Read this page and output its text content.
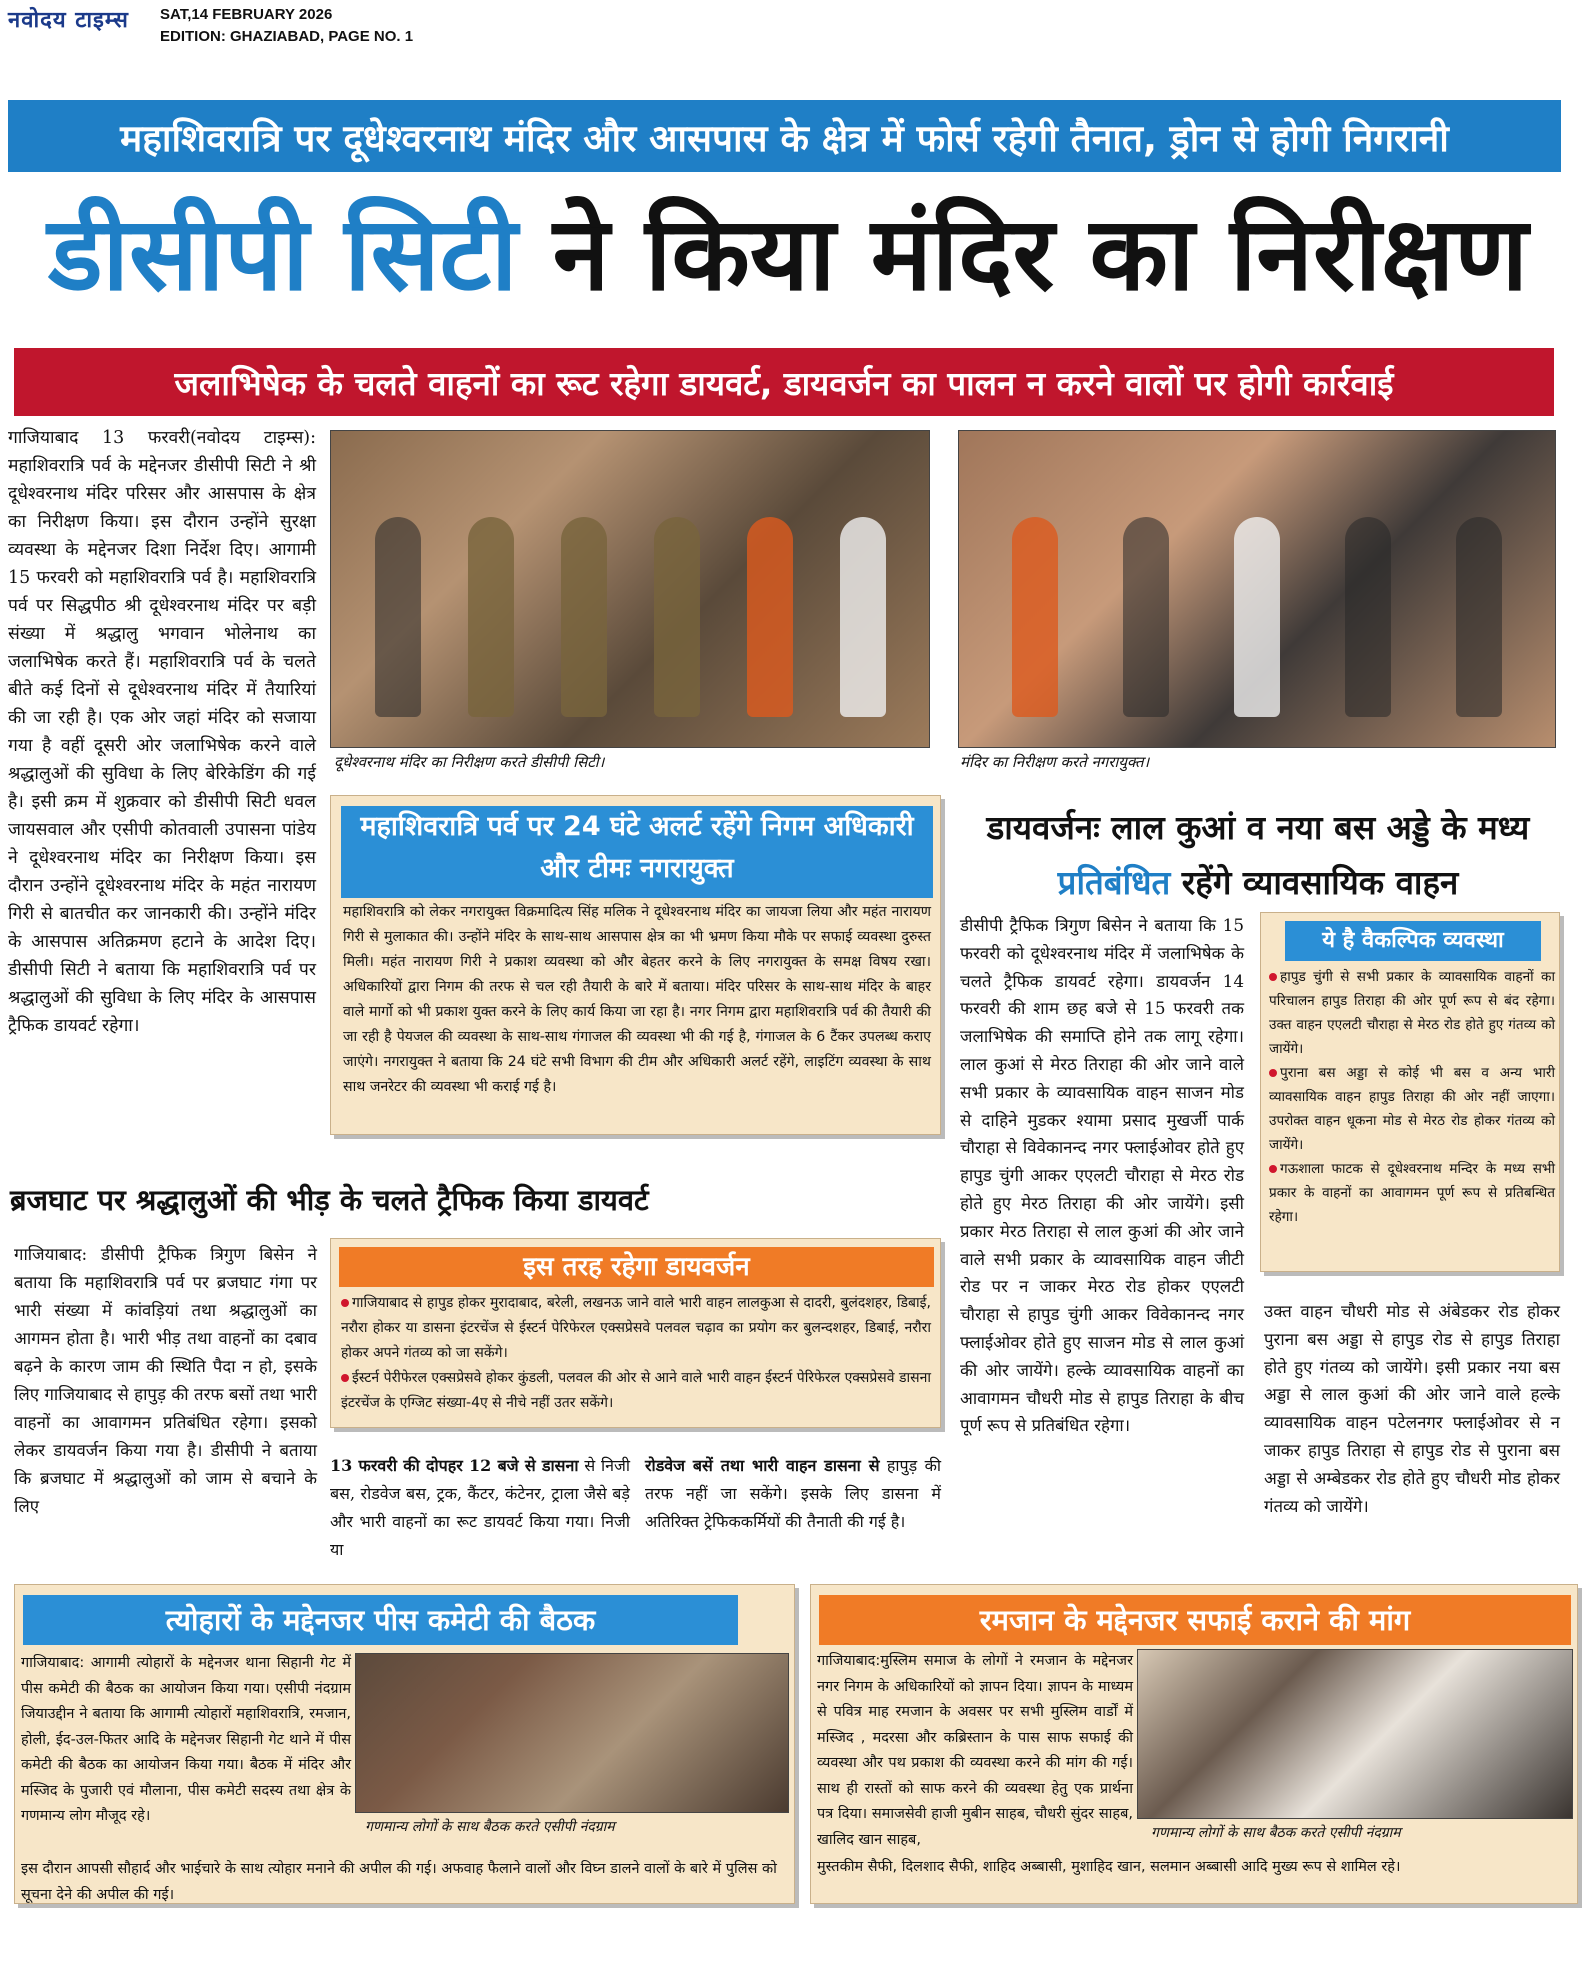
नवोदय टाइम्स SAT,14 FEBRUARY 2026
EDITION: GHAZIABAD, PAGE NO. 1
महाशिवरात्रि पर दूधेश्वरनाथ मंदिर और आसपास के क्षेत्र में फोर्स रहेगी तैनात, ड्रोन से होगी निगरानी
डीसीपी सिटी ने किया मंदिर का निरीक्षण
जलाभिषेक के चलते वाहनों का रूट रहेगा डायवर्ट, डायवर्जन का पालन न करने वालों पर होगी कार्रवाई
गाजियाबाद 13 फरवरी(नवोदय टाइम्स): महाशिवरात्रि पर्व के मद्देनजर डीसीपी सिटी ने श्री दूधेश्वरनाथ मंदिर परिसर और आसपास के क्षेत्र का निरीक्षण किया। इस दौरान उन्होंने सुरक्षा व्यवस्था के मद्देनजर दिशा निर्देश दिए। आगामी 15 फरवरी को महाशिवरात्रि पर्व है। महाशिवरात्रि पर्व पर सिद्धपीठ श्री दूधेश्वरनाथ मंदिर पर बड़ी संख्या में श्रद्धालु भगवान भोलेनाथ का जलाभिषेक करते हैं। महाशिवरात्रि पर्व के चलते बीते कई दिनों से दूधेश्वरनाथ मंदिर में तैयारियां की जा रही है। एक ओर जहां मंदिर को सजाया गया है वहीं दूसरी ओर जलाभिषेक करने वाले श्रद्धालुओं की सुविधा के लिए बेरिकेडिंग की गई है। इसी क्रम में शुक्रवार को डीसीपी सिटी धवल जायसवाल और एसीपी कोतवाली उपासना पांडेय ने दूधेश्वरनाथ मंदिर का निरीक्षण किया। इस दौरान उन्होंने दूधेश्वरनाथ मंदिर के महंत नारायण गिरी से बातचीत कर जानकारी की। उन्होंने मंदिर के आसपास अतिक्रमण हटाने के आदेश दिए। डीसीपी सिटी ने बताया कि महाशिवरात्रि पर्व पर श्रद्धालुओं की सुविधा के लिए मंदिर के आसपास ट्रैफिक डायवर्ट रहेगा।
दूधेश्वरनाथ मंदिर का निरीक्षण करते डीसीपी सिटी।	मंदिर का निरीक्षण करते नगरायुक्त।
महाशिवरात्रि पर्व पर 24 घंटे अलर्ट रहेंगे निगम अधिकारी और टीमः नगरायुक्त
महाशिवरात्रि को लेकर नगरायुक्त विक्रमादित्य सिंह मलिक ने दूधेश्वरनाथ मंदिर का जायजा लिया और महंत नारायण गिरी से मुलाकात की। उन्होंने मंदिर के साथ-साथ आसपास क्षेत्र का भी भ्रमण किया मौके पर सफाई व्यवस्था दुरुस्त मिली। महंत नारायण गिरी ने प्रकाश व्यवस्था को और बेहतर करने के लिए नगरायुक्त के समक्ष विषय रखा। अधिकारियों द्वारा निगम की तरफ से चल रही तैयारी के बारे में बताया। मंदिर परिसर के साथ-साथ मंदिर के बाहर वाले मार्गो को भी प्रकाश युक्त करने के लिए कार्य किया जा रहा है। नगर निगम द्वारा महाशिवरात्रि पर्व की तैयारी की जा रही है पेयजल की व्यवस्था के साथ-साथ गंगाजल की व्यवस्था भी की गई है, गंगाजल के 6 टैंकर उपलब्ध कराए जाएंगे। नगरायुक्त ने बताया कि 24 घंटे सभी विभाग की टीम और अधिकारी अलर्ट रहेंगे, लाइटिंग व्यवस्था के साथ साथ जनरेटर की व्यवस्था भी कराई गई है।
डायवर्जनः लाल कुआं व नया बस अड्डे के मध्य प्रतिबंधित रहेंगे व्यावसायिक वाहन
डीसीपी ट्रैफिक त्रिगुण बिसेन ने बताया कि 15 फरवरी को दूधेश्वरनाथ मंदिर में जलाभिषेक के चलते ट्रैफिक डायवर्ट रहेगा। डायवर्जन 14 फरवरी की शाम छह बजे से 15 फरवरी तक जलाभिषेक की समाप्ति होने तक लागू रहेगा। लाल कुआं से मेरठ तिराहा की ओर जाने वाले सभी प्रकार के व्यावसायिक वाहन साजन मोड से दाहिने मुडकर श्यामा प्रसाद मुखर्जी पार्क चौराहा से विवेकानन्द नगर फ्लाईओवर होते हुए हापुड चुंगी आकर एएलटी चौराहा से मेरठ रोड होते हुए मेरठ तिराहा की ओर जायेंगे। इसी प्रकार मेरठ तिराहा से लाल कुआं की ओर जाने वाले सभी प्रकार के व्यावसायिक वाहन जीटी रोड पर न जाकर मेरठ रोड होकर एएलटी चौराहा से हापुड चुंगी आकर विवेकानन्द नगर फ्लाईओवर होते हुए साजन मोड से लाल कुआं की ओर जायेंगे। हल्के व्यावसायिक वाहनों का आवागमन चौधरी मोड से हापुड तिराहा के बीच पूर्ण रूप से प्रतिबंधित रहेगा।
ये है वैकल्पिक व्यवस्था
हापुड चुंगी से सभी प्रकार के व्यावसायिक वाहनों का परिचालन हापुड तिराहा की ओर पूर्ण रूप से बंद रहेगा। उक्त वाहन एएलटी चौराहा से मेरठ रोड होते हुए गंतव्य को जायेंगे।
पुराना बस अड्डा से कोई भी बस व अन्य भारी व्यावसायिक वाहन हापुड तिराहा की ओर नहीं जाएगा। उपरोक्त वाहन धूकना मोड से मेरठ रोड होकर गंतव्य को जायेंगे।
गऊशाला फाटक से दूधेश्वरनाथ मन्दिर के मध्य सभी प्रकार के वाहनों का आवागमन पूर्ण रूप से प्रतिबन्धित रहेगा।
उक्त वाहन चौधरी मोड से अंबेडकर रोड होकर पुराना बस अड्डा से हापुड रोड से हापुड तिराहा होते हुए गंतव्य को जायेंगे। इसी प्रकार नया बस अड्डा से लाल कुआं की ओर जाने वाले हल्के व्यावसायिक वाहन पटेलनगर फ्लाईओवर से न जाकर हापुड तिराहा से हापुड रोड से पुराना बस अड्डा से अम्बेडकर रोड होते हुए चौधरी मोड होकर गंतव्य को जायेंगे।
ब्रजघाट पर श्रद्धालुओं की भीड़ के चलते ट्रैफिक किया डायवर्ट
गाजियाबाद: डीसीपी ट्रैफिक त्रिगुण बिसेन ने बताया कि महाशिवरात्रि पर्व पर ब्रजघाट गंगा पर भारी संख्या में कांवड़ियां तथा श्रद्धालुओं का आगमन होता है। भारी भीड़ तथा वाहनों का दबाव बढ़ने के कारण जाम की स्थिति पैदा न हो, इसके लिए गाजियाबाद से हापुड़ की तरफ बसों तथा भारी वाहनों का आवागमन प्रतिबंधित रहेगा। इसको लेकर डायवर्जन किया गया है। डीसीपी ने बताया कि ब्रजघाट में श्रद्धालुओं को जाम से बचाने के लिए
इस तरह रहेगा डायवर्जन
गाजियाबाद से हापुड होकर मुरादाबाद, बरेली, लखनऊ जाने वाले भारी वाहन लालकुआ से दादरी, बुलंदशहर, डिबाई, नरौरा होकर या डासना इंटरचेंज से ईस्टर्न पेरिफेरल एक्सप्रेसवे पलवल चढ़ाव का प्रयोग कर बुलन्दशहर, डिबाई, नरौरा होकर अपने गंतव्य को जा सकेंगे।
ईस्टर्न पेरीफेरल एक्सप्रेसवे होकर कुंडली, पलवल की ओर से आने वाले भारी वाहन ईस्टर्न पेरिफेरल एक्सप्रेसवे डासना इंटरचेंज के एग्जिट संख्या-4ए से नीचे नहीं उतर सकेंगे।
13 फरवरी की दोपहर 12 बजे से डासना से निजी बस, रोडवेज बस, ट्रक, कैंटर, कंटेनर, ट्राला जैसे बड़े और भारी वाहनों का रूट डायवर्ट किया गया। निजी या
रोडवेज बसें तथा भारी वाहन डासना से हापुड़ की तरफ नहीं जा सकेंगे। इसके लिए डासना में अतिरिक्त ट्रेफिककर्मियों की तैनाती की गई है।
त्योहारों के मद्देनजर पीस कमेटी की बैठक
गाजियाबाद: आगामी त्योहारों के मद्देनजर थाना सिहानी गेट में पीस कमेटी की बैठक का आयोजन किया गया। एसीपी नंदग्राम जियाउद्दीन ने बताया कि आगामी त्योहारों महाशिवरात्रि, रमजान, होली, ईद-उल-फितर आदि के मद्देनजर सिहानी गेट थाने में पीस कमेटी की बैठक का आयोजन किया गया। बैठक में मंदिर और मस्जिद के पुजारी एवं मौलाना, पीस कमेटी सदस्य तथा क्षेत्र के गणमान्य लोग मौजूद रहे।
गणमान्य लोगों के साथ बैठक करते एसीपी नंदग्राम
इस दौरान आपसी सौहार्द और भाईचारे के साथ त्योहार मनाने की अपील की गई। अफवाह फैलाने वालों और विघ्न डालने वालों के बारे में पुलिस को सूचना देने की अपील की गई।
रमजान के मद्देनजर सफाई कराने की मांग
गाजियाबाद:मुस्लिम समाज के लोगों ने रमजान के मद्देनजर नगर निगम के अधिकारियों को ज्ञापन दिया। ज्ञापन के माध्यम से पवित्र माह रमजान के अवसर पर सभी मुस्लिम वार्डों में मस्जिद , मदरसा और कब्रिस्तान के पास साफ सफाई की व्यवस्था और पथ प्रकाश की व्यवस्था करने की मांग की गई। साथ ही रास्तों को साफ करने की व्यवस्था हेतु एक प्रार्थना पत्र दिया। समाजसेवी हाजी मुबीन साहब, चौधरी सुंदर साहब, खालिद खान साहब,	गणमान्य लोगों के साथ बैठक करते एसीपी नंदग्राम
मुस्तकीम सैफी, दिलशाद सैफी, शाहिद अब्बासी, मुशाहिद खान, सलमान अब्बासी आदि मुख्य रूप से शामिल रहे।
